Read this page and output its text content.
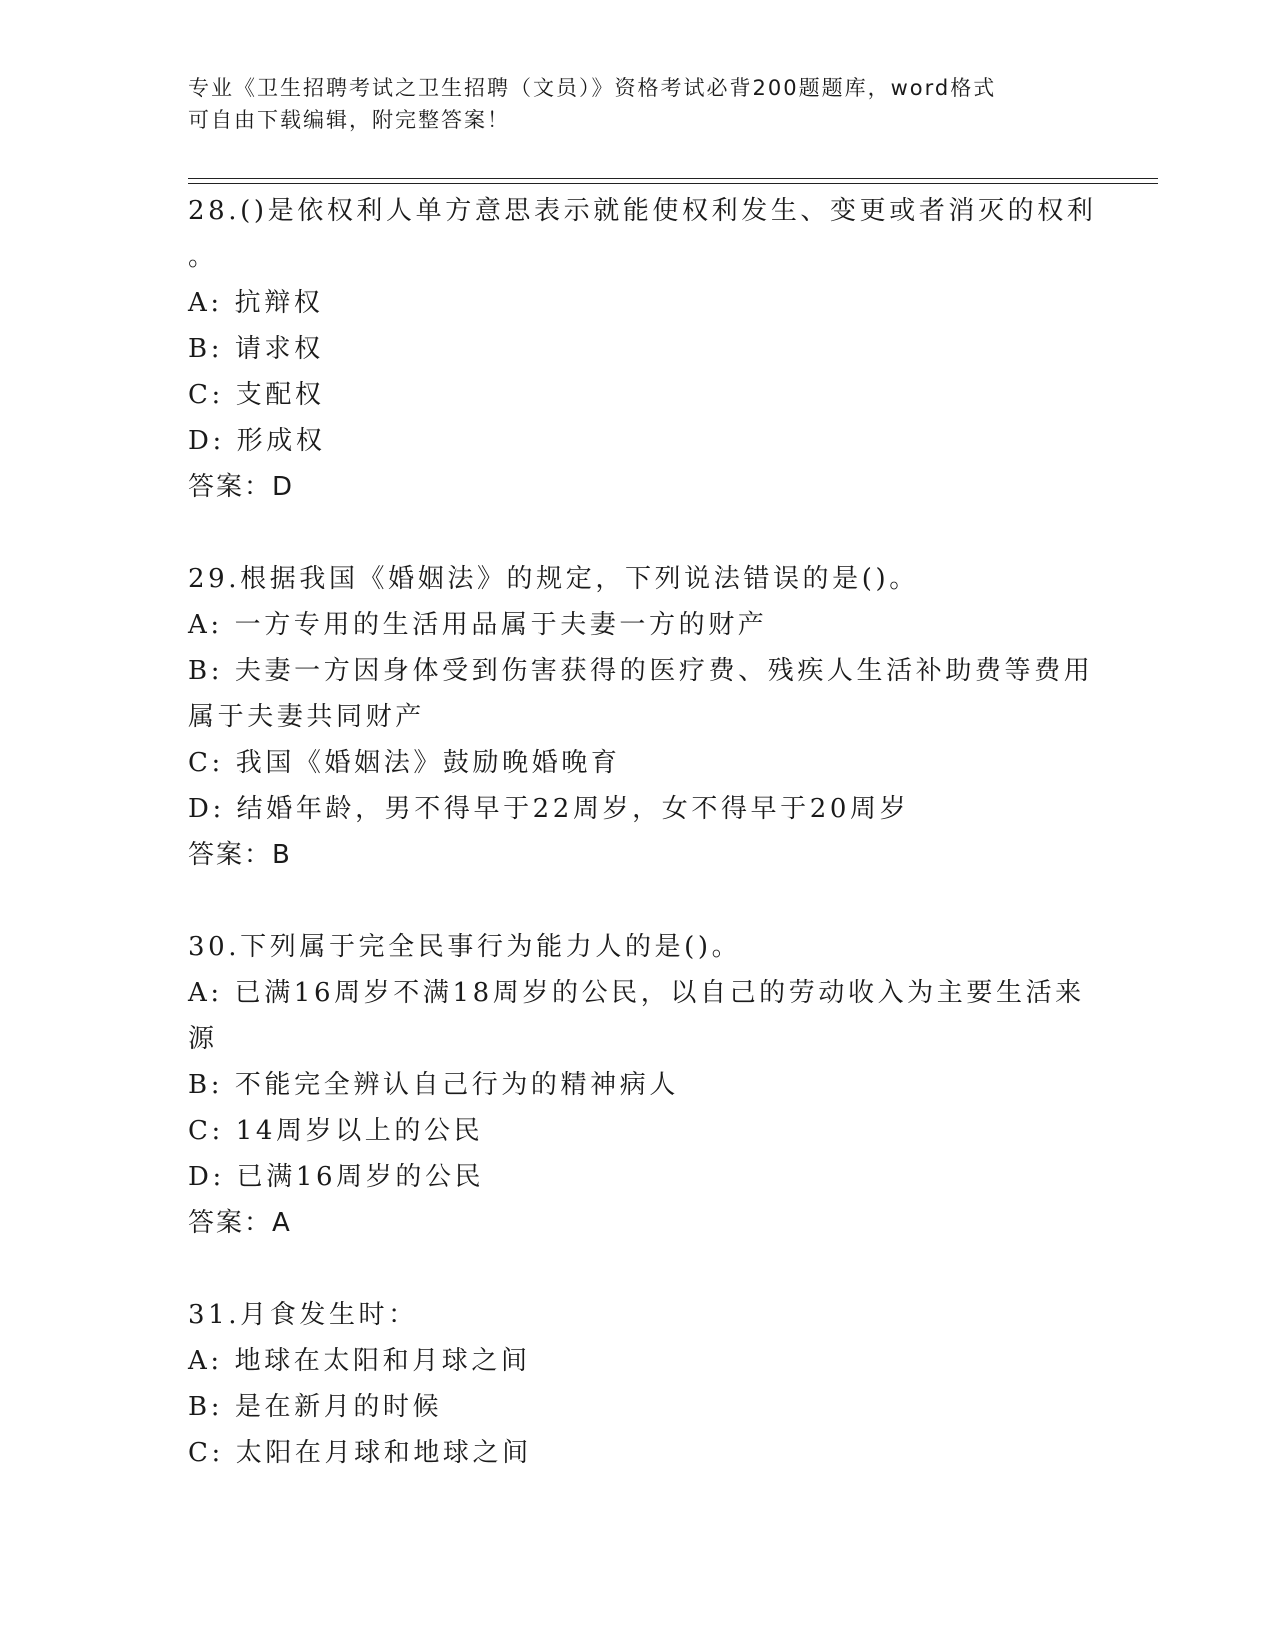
专业《卫生招聘考试之卫生招聘（文员）》资格考试必背200题题库，word格式
可自由下载编辑，附完整答案！
28.()是依权利人单方意思表示就能使权利发生、变更或者消灭的权利
。
A: 抗辩权
B: 请求权
C: 支配权
D: 形成权
答案：D
29.根据我国《婚姻法》的规定，下列说法错误的是()。
A: 一方专用的生活用品属于夫妻一方的财产
B: 夫妻一方因身体受到伤害获得的医疗费、残疾人生活补助费等费用
属于夫妻共同财产
C: 我国《婚姻法》鼓励晚婚晚育
D: 结婚年龄，男不得早于22周岁，女不得早于20周岁
答案：B
30.下列属于完全民事行为能力人的是()。
A: 已满16周岁不满18周岁的公民，以自己的劳动收入为主要生活来
源
B: 不能完全辨认自己行为的精神病人
C: 14周岁以上的公民
D: 已满16周岁的公民
答案：A
31.月食发生时：
A: 地球在太阳和月球之间
B: 是在新月的时候
C: 太阳在月球和地球之间
